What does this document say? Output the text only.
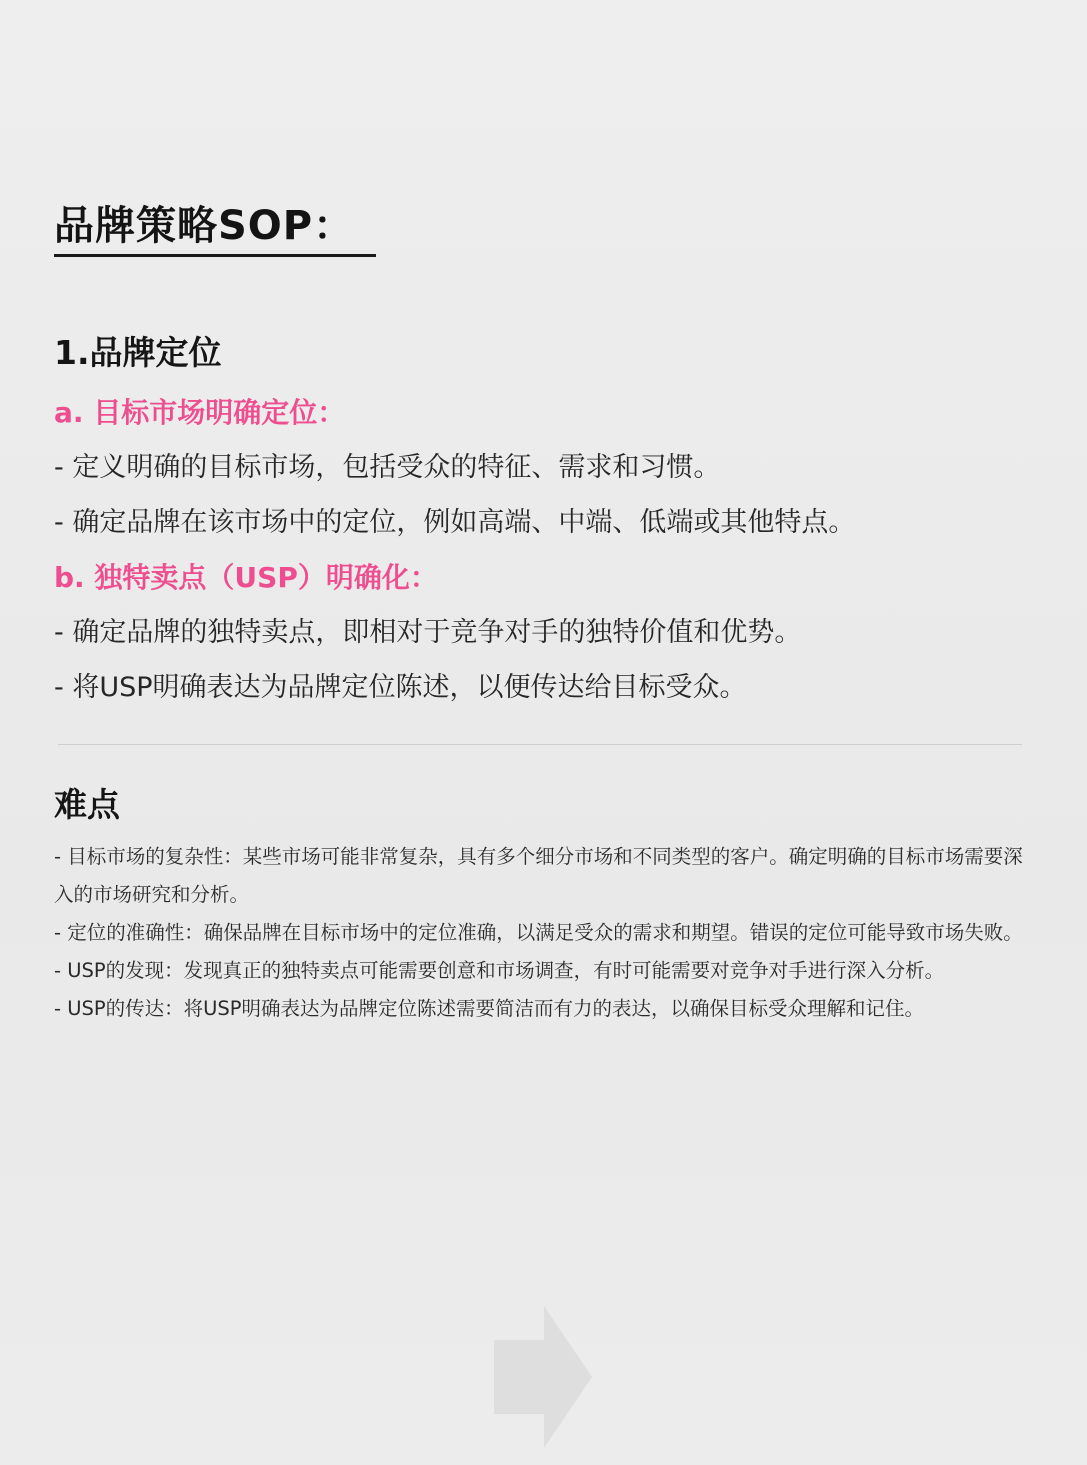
品牌策略SOP：
1.品牌定位
a. 目标市场明确定位：
- 定义明确的目标市场，包括受众的特征、需求和习惯。
- 确定品牌在该市场中的定位，例如高端、中端、低端或其他特点。
b. 独特卖点（USP）明确化：
- 确定品牌的独特卖点，即相对于竞争对手的独特价值和优势。
- 将USP明确表达为品牌定位陈述，以便传达给目标受众。
难点

- 目标市场的复杂性：某些市场可能非常复杂，具有多个细分市场和不同类型的客户。确定明确的目标市场需要深入的市场研究和分析。

- 定位的准确性：确保品牌在目标市场中的定位准确，以满足受众的需求和期望。错误的定位可能导致市场失败。

- USP的发现：发现真正的独特卖点可能需要创意和市场调查，有时可能需要对竞争对手进行深入分析。

- USP的传达：将USP明确表达为品牌定位陈述需要简洁而有力的表达，以确保目标受众理解和记住。
